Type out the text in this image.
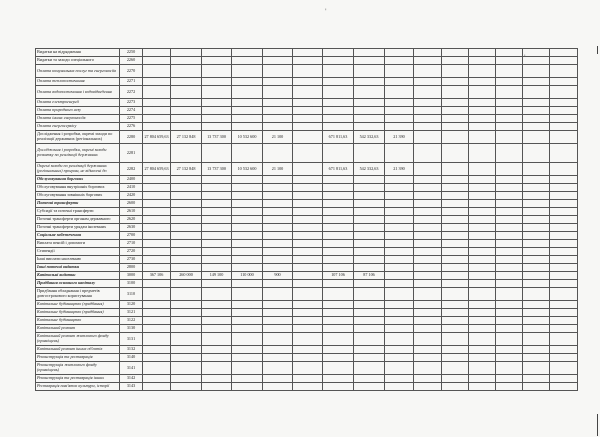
'
'
Видатки на відрядження	2250															
Видатки та заходи спеціального	2260															
Оплата комунальних послуг та енергоносіїв	2270															
Оплата теплопостачання	2271															
Оплата водопостачання і водовідведення	2272															
Оплата електроенергії	2273															
Оплата природного газу	2274															
Оплата інших енергоносіїв	2275															
Оплата енергосервісу	2276															
Дослідження і розробки, окремі заходи по реалізації державних (регіональних)	2280	27 804 659,63	27 132 848	13 737 300	10 532 600	21 100		671 811,63	542 332,63	21 390						
Дослідження і розробки, окремі заходи розвитку по реалізації державних	2281															
Окремі заходи по реалізації державних (регіональних) програм, не віднесені до	2282	27 804 659,63	27 132 848	13 737 300	10 532 600	21 100		671 811,63	542 332,63	21 390						
Обслуговування боргових	2400															
Обслуговування внутрішніх боргових	2410															
Обслуговування зовнішніх боргових	2420															
Поточні трансферти	2600															
Субсидії та поточні трансферти	2610															
Поточні трансферти органам державного	2620															
Поточні трансферти урядам іноземних	2630															
Соціальне забезпечення	2700															
Виплата пенсій і допомоги	2710															
Стипендії	2720															
Інші виплати населенню	2730															
Інші поточні видатки	2800															
Капітальні видатки	3000	367 106	260 000	149 100	110 000	900		107 106	87 106							
Придбання основного капіталу	3100															
Придбання обладнання і предметів довгострокового користування	3110															
Капітальне будівництво (придбання)	3120															
Капітальне будівництво (придбання)	3121															
Капітальне будівництво	3122															
Капітальний ремонт	3130															
Капітальний ремонт житлового фонду (приміщень)	3131															
Капітальний ремонт інших об'єктів	3132															
Реконструкція та реставрація	3140															
Реконструкція житлового фонду (приміщень)	3141															
Реконструкція та реставрація інших	3142															
Реставрація пам'яток культури, історії	3143															
